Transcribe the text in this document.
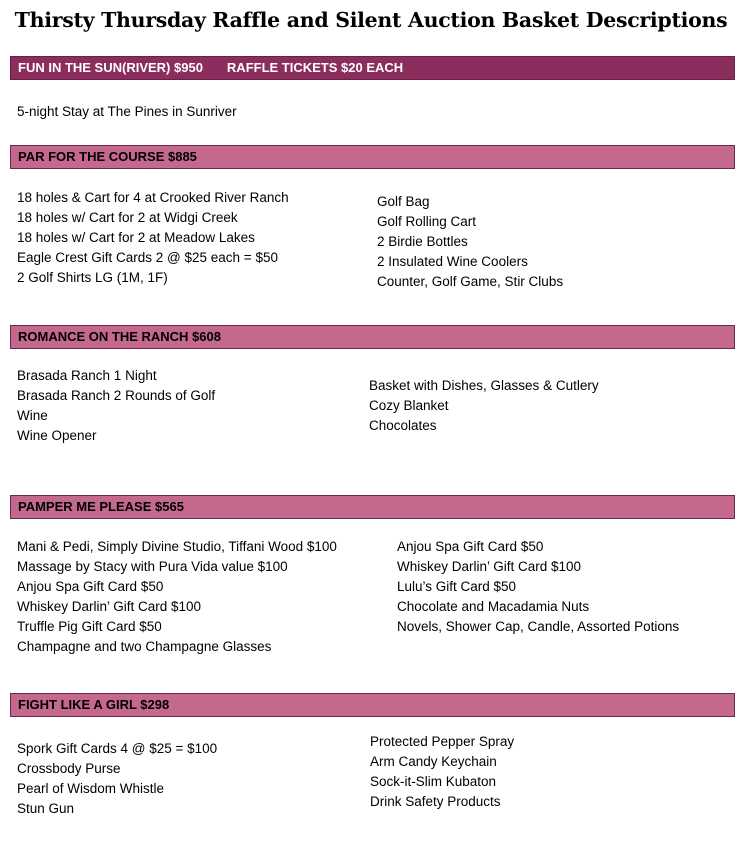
Thirsty Thursday Raffle and Silent Auction Basket Descriptions
FUN IN THE SUN(RIVER) $950 RAFFLE TICKETS $20 EACH
5-night Stay at The Pines in Sunriver
PAR FOR THE COURSE $885
18 holes & Cart for 4 at Crooked River Ranch
18 holes w/ Cart for 2 at Widgi Creek
18 holes w/ Cart for 2 at Meadow Lakes
Eagle Crest Gift Cards 2 @ $25 each = $50
2 Golf Shirts LG (1M, 1F)
Golf Bag
Golf Rolling Cart
2 Birdie Bottles
2 Insulated Wine Coolers
Counter, Golf Game, Stir Clubs
ROMANCE ON THE RANCH $608
Brasada Ranch 1 Night
Brasada Ranch 2 Rounds of Golf
Wine
Wine Opener
Basket with Dishes, Glasses & Cutlery
Cozy Blanket
Chocolates
PAMPER ME PLEASE $565
Mani & Pedi, Simply Divine Studio, Tiffani Wood $100
Massage by Stacy with Pura Vida value $100
Anjou Spa Gift Card $50
Whiskey Darlin’ Gift Card $100
Truffle Pig Gift Card $50
Champagne and two Champagne Glasses
Anjou Spa Gift Card $50
Whiskey Darlin’ Gift Card $100
Lulu’s Gift Card $50
Chocolate and Macadamia Nuts
Novels, Shower Cap, Candle, Assorted Potions
FIGHT LIKE A GIRL $298
Spork Gift Cards 4 @ $25 = $100
Crossbody Purse
Pearl of Wisdom Whistle
Stun Gun
Protected Pepper Spray
Arm Candy Keychain
Sock-it-Slim Kubaton
Drink Safety Products
